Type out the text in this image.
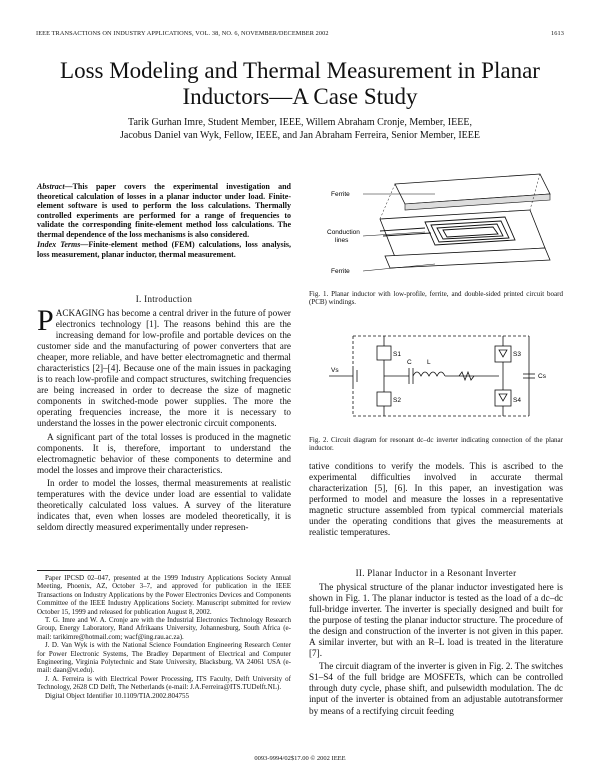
IEEE TRANSACTIONS ON INDUSTRY APPLICATIONS, VOL. 38, NO. 6, NOVEMBER/DECEMBER 2002	1613
Loss Modeling and Thermal Measurement in Planar Inductors—A Case Study
Tarik Gurhan Imre, Student Member, IEEE, Willem Abraham Cronje, Member, IEEE,
Jacobus Daniel van Wyk, Fellow, IEEE, and Jan Abraham Ferreira, Senior Member, IEEE
Abstract—This paper covers the experimental investigation and theoretical calculation of losses in a planar inductor under load. Finite-element software is used to perform the loss calculations. Thermally controlled experiments are performed for a range of frequencies to validate the corresponding finite-element method loss calculations. The thermal dependence of the loss mechanisms is also considered.
Index Terms—Finite-element method (FEM) calculations, loss analysis, loss measurement, planar inductor, thermal measurement.
I. Introduction

PACKAGING has become a central driver in the future of power electronics technology [1]. The reasons behind this are the increasing demand for low-profile and portable devices on the customer side and the manufacturing of power converters that are cheaper, more reliable, and have better electromagnetic and thermal characteristics [2]–[4]. Because one of the main issues in packaging is to reach low-profile and compact structures, switching frequencies are being increased in order to decrease the size of magnetic components in switched-mode power supplies. The more the operating frequencies increase, the more it is necessary to understand the losses in the power electronic circuit components.

A significant part of the total losses is produced in the magnetic components. It is, therefore, important to understand the electromagnetic behavior of these components to determine and model the losses and improve their characteristics.

In order to model the losses, thermal measurements at realistic temperatures with the device under load are essential to validate theoretically calculated loss values. A survey of the literature indicates that, even when losses are modeled theoretically, it is seldom directly measured experimentally under represen-

Paper IPCSD 02–047, presented at the 1999 Industry Applications Society Annual Meeting, Phoenix, AZ, October 3–7, and approved for publication in the IEEE Transactions on Industry Applications by the Power Electronics Devices and Components Committee of the IEEE Industry Applications Society. Manuscript submitted for review October 15, 1999 and released for publication August 8, 2002.

T. G. Imre and W. A. Cronje are with the Industrial Electronics Technology Research Group, Energy Laboratory, Rand Afrikaans University, Johannesburg, South Africa (e-mail: tarikimre@hotmail.com; wacf@ing.rau.ac.za).

J. D. Van Wyk is with the National Science Foundation Engineering Research Center for Power Electronic Systems, The Bradley Department of Electrical and Computer Engineering, Virginia Polytechnic and State University, Blacksburg, VA 24061 USA (e-mail: daan@vt.edu).

J. A. Ferreira is with Electrical Power Processing, ITS Faculty, Delft University of Technology, 2628 CD Delft, The Netherlands (e-mail: J.A.Ferreira@ITS.TUDelft.NL).

Digital Object Identifier 10.1109/TIA.2002.804755

Ferrite
Conduction
lines
Ferrite
Fig. 1. Planar inductor with low-profile, ferrite, and double-sided printed circuit board (PCB) windings.
Vs
S1
S2
S3
S4
C L
Cs
Fig. 2. Circuit diagram for resonant dc–dc inverter indicating connection of the planar inductor.
tative conditions to verify the models. This is ascribed to the experimental difficulties involved in accurate thermal characterization [5], [6]. In this paper, an investigation was performed to model and measure the losses in a representative magnetic structure assembled from typical commercial materials under the operating conditions that gives the measurements at realistic temperatures.
II. Planar Inductor in a Resonant Inverter

The physical structure of the planar inductor investigated here is shown in Fig. 1. The planar inductor is tested as the load of a dc–dc full-bridge inverter. The inverter is specially designed and built for the purpose of testing the planar inductor structure. The procedure of the design and construction of the inverter is not given in this paper. A similar inverter, but with an R–L load is treated in the literature [7].

The circuit diagram of the inverter is given in Fig. 2. The switches S1–S4 of the full bridge are MOSFETs, which can be controlled through duty cycle, phase shift, and pulsewidth modulation. The dc input of the inverter is obtained from an adjustable autotransformer by means of a rectifying circuit feeding

0093-9994/02$17.00 © 2002 IEEE
